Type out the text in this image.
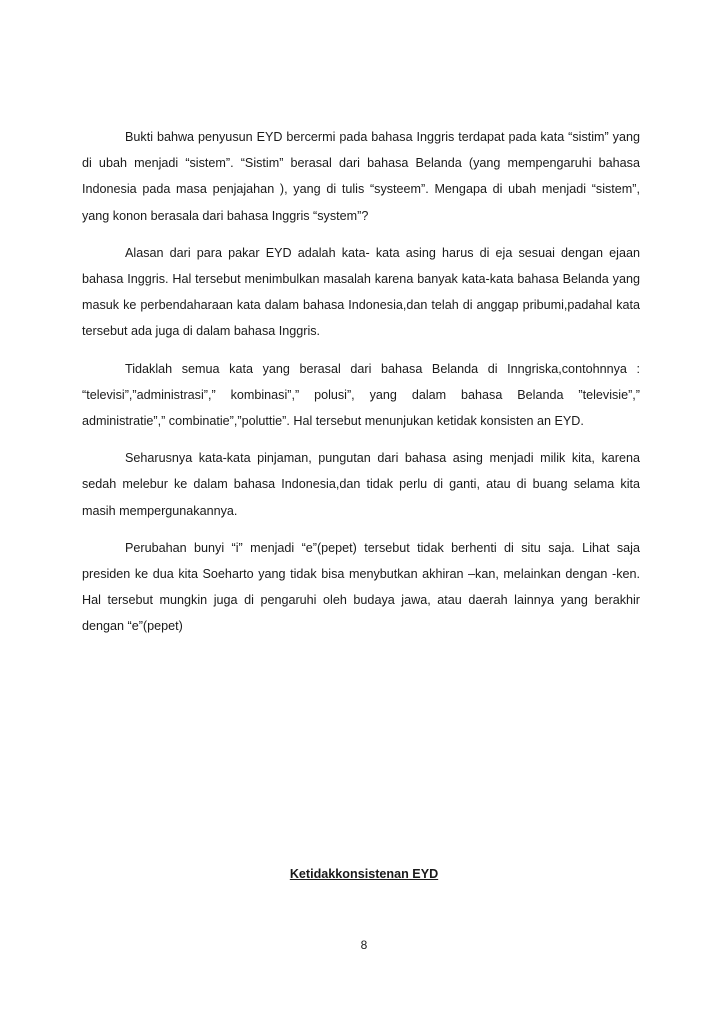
Bukti bahwa penyusun EYD bercermi pada bahasa Inggris terdapat pada kata “sistim” yang di ubah menjadi “sistem”. “Sistim” berasal dari bahasa Belanda (yang mempengaruhi bahasa Indonesia pada masa penjajahan ), yang di tulis “systeem”. Mengapa di ubah menjadi “sistem”, yang konon berasala dari bahasa Inggris “system”?

Alasan dari para pakar EYD adalah kata- kata asing harus di eja sesuai dengan ejaan bahasa Inggris. Hal tersebut menimbulkan masalah karena banyak kata-kata bahasa Belanda yang masuk ke perbendaharaan kata dalam bahasa Indonesia,dan telah di anggap pribumi,padahal kata tersebut ada juga di dalam bahasa Inggris.

Tidaklah semua kata yang berasal dari bahasa Belanda di Inngriska,contohnnya : “televisi”,”administrasi”,” kombinasi”,” polusi”, yang dalam bahasa Belanda ”televisie”,” administratie”,” combinatie”,”poluttie”. Hal tersebut menunjukan ketidak konsisten an EYD.

Seharusnya kata-kata pinjaman, pungutan dari bahasa asing menjadi milik kita, karena sedah melebur ke dalam bahasa Indonesia,dan tidak perlu di ganti, atau di buang selama kita masih mempergunakannya.

Perubahan bunyi “i” menjadi “e”(pepet) tersebut tidak berhenti di situ saja. Lihat saja presiden ke dua kita Soeharto yang tidak bisa menybutkan akhiran –kan, melainkan dengan -ken. Hal tersebut mungkin juga di pengaruhi oleh budaya jawa, atau daerah lainnya yang berakhir dengan “e”(pepet)

Ketidakkonsistenan EYD
8
